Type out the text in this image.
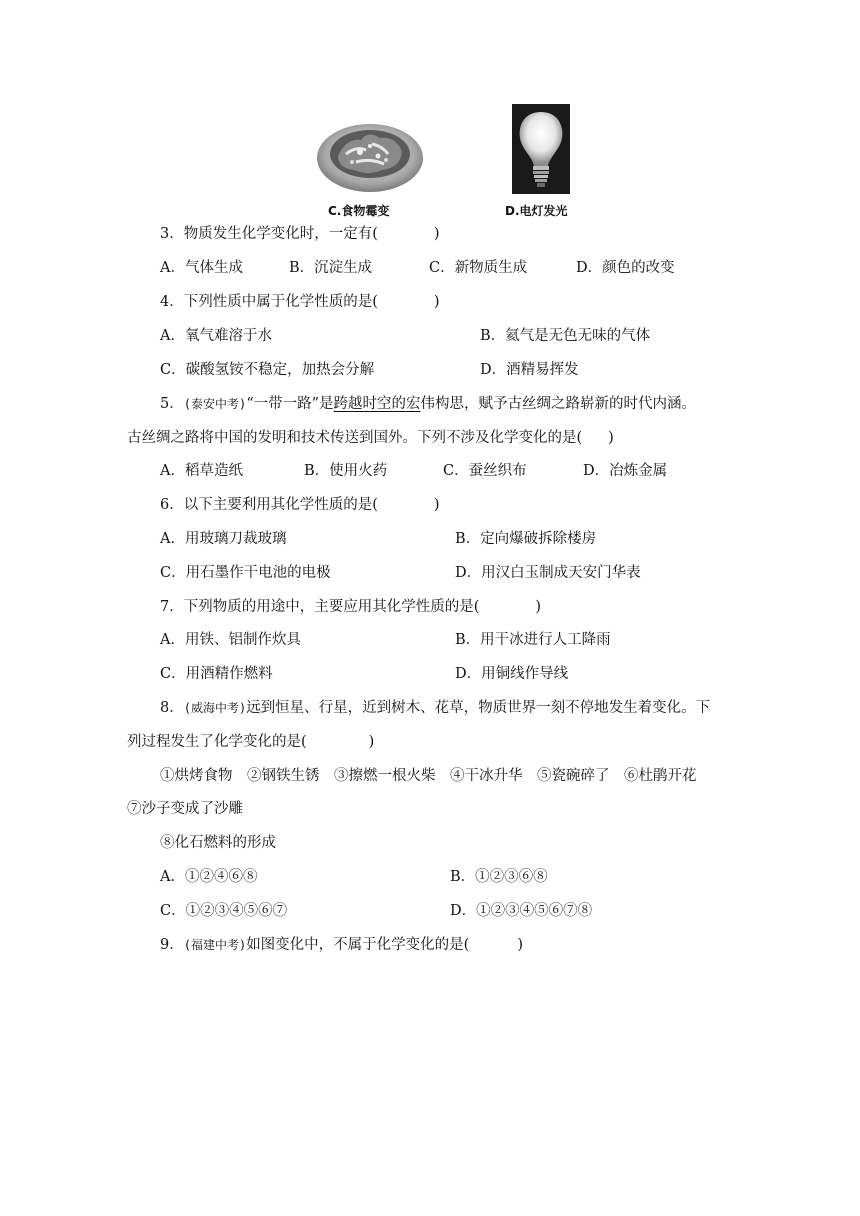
C.食物霉变	D.电灯发光
3．物质发生化学变化时，一定有(	)
A．气体生成	B．沉淀生成	C．新物质生成	D．颜色的改变
4．下列性质中属于化学性质的是(	)
A．氧气难溶于水	B．氦气是无色无味的气体
C．碳酸氢铵不稳定，加热会分解	D．酒精易挥发
5．(泰安中考)“一带一路”是跨越时空的宏伟构思，赋予古丝绸之路崭新的时代内涵。
古丝绸之路将中国的发明和技术传送到国外。下列不涉及化学变化的是( )
A．稻草造纸	B．使用火药	C．蚕丝织布	D．冶炼金属
6．以下主要利用其化学性质的是(	)
A．用玻璃刀裁玻璃	B．定向爆破拆除楼房
C．用石墨作干电池的电极	D．用汉白玉制成天安门华表
7．下列物质的用途中，主要应用其化学性质的是(	)
A．用铁、铝制作炊具	B．用干冰进行人工降雨
C．用酒精作燃料	D．用铜线作导线
8．(威海中考)远到恒星、行星，近到树木、花草，物质世界一刻不停地发生着变化。下
列过程发生了化学变化的是(	)
①烘烤食物　②钢铁生锈　③擦燃一根火柴　④干冰升华　⑤瓷碗碎了　⑥杜鹃开花
⑦沙子变成了沙雕
⑧化石燃料的形成
A．①②④⑥⑧	B．①②③⑥⑧
C．①②③④⑤⑥⑦	D．①②③④⑤⑥⑦⑧
9．(福建中考)如图变化中，不属于化学变化的是(	)
